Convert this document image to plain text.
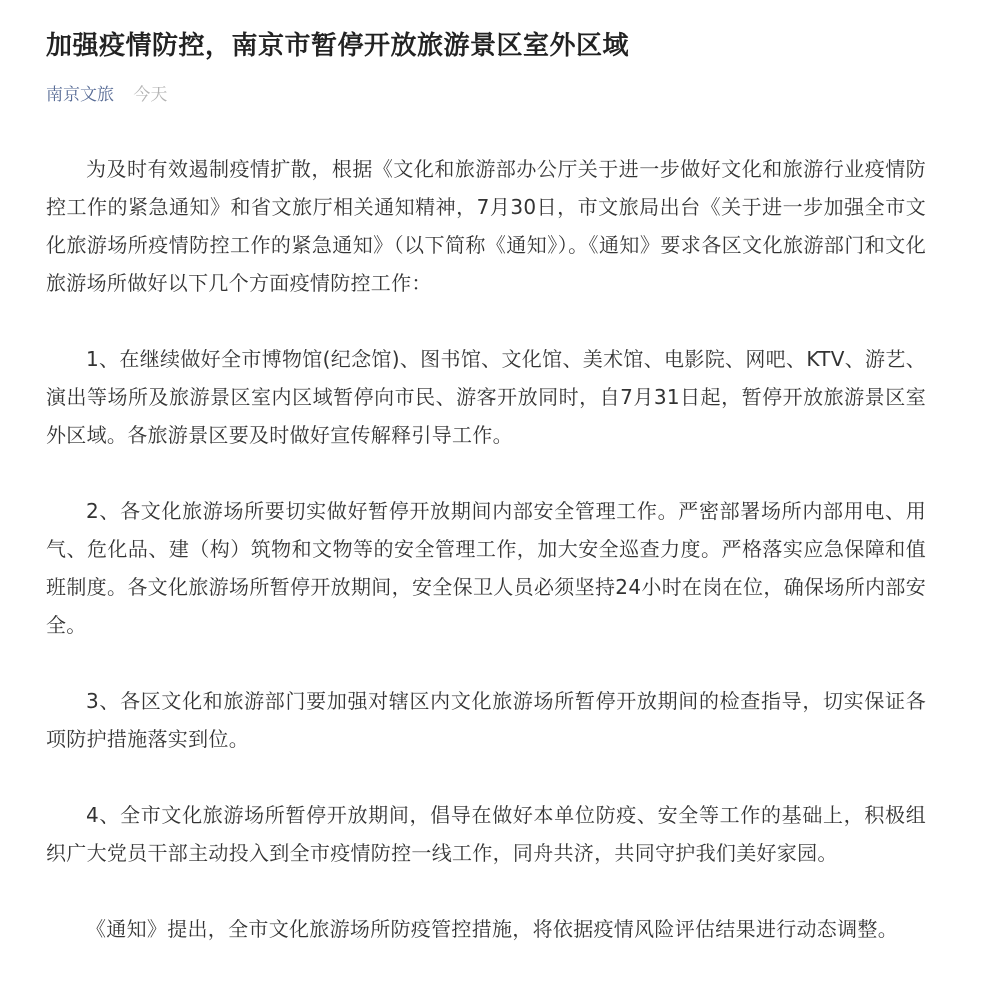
加强疫情防控，南京市暂停开放旅游景区室外区域
南京文旅 今天

为及时有效遏制疫情扩散，根据《文化和旅游部办公厅关于进一步做好文化和旅游行业疫情防控工作的紧急通知》和省文旅厅相关通知精神，7月30日，市文旅局出台《关于进一步加强全市文化旅游场所疫情防控工作的紧急通知》（以下简称《通知》）。《通知》要求各区文化旅游部门和文化旅游场所做好以下几个方面疫情防控工作：

1、在继续做好全市博物馆(纪念馆)、图书馆、文化馆、美术馆、电影院、网吧、KTV、游艺、演出等场所及旅游景区室内区域暂停向市民、游客开放同时，自7月31日起，暂停开放旅游景区室外区域。各旅游景区要及时做好宣传解释引导工作。

2、各文化旅游场所要切实做好暂停开放期间内部安全管理工作。严密部署场所内部用电、用气、危化品、建（构）筑物和文物等的安全管理工作，加大安全巡查力度。严格落实应急保障和值班制度。各文化旅游场所暂停开放期间，安全保卫人员必须坚持24小时在岗在位，确保场所内部安全。

3、各区文化和旅游部门要加强对辖区内文化旅游场所暂停开放期间的检查指导，切实保证各项防护措施落实到位。

4、全市文化旅游场所暂停开放期间，倡导在做好本单位防疫、安全等工作的基础上，积极组织广大党员干部主动投入到全市疫情防控一线工作，同舟共济，共同守护我们美好家园。

《通知》提出，全市文化旅游场所防疫管控措施，将依据疫情风险评估结果进行动态调整。
